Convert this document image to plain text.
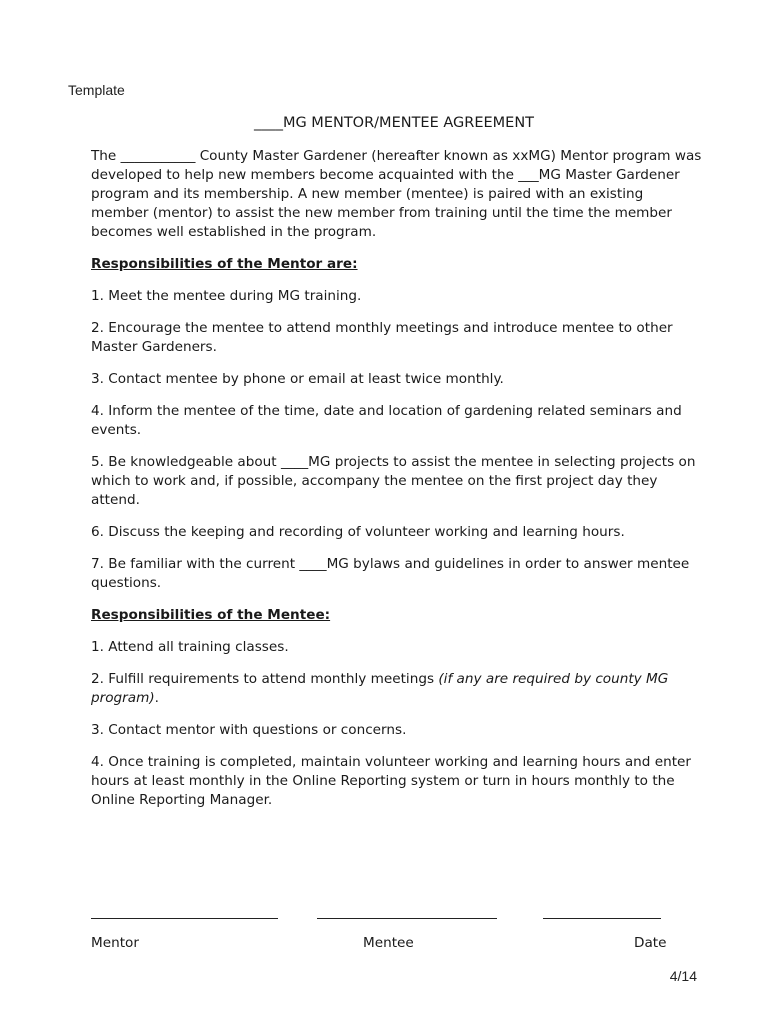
Template
____MG MENTOR/MENTEE AGREEMENT

The ___________ County Master Gardener (hereafter known as xxMG) Mentor program was developed to help new members become acquainted with the ___MG Master Gardener program and its membership. A new member (mentee) is paired with an existing member (mentor) to assist the new member from training until the time the member becomes well established in the program.

Responsibilities of the Mentor are:

1. Meet the mentee during MG training.

2. Encourage the mentee to attend monthly meetings and introduce mentee to other Master Gardeners.

3. Contact mentee by phone or email at least twice monthly.

4. Inform the mentee of the time, date and location of gardening related seminars and events.

5. Be knowledgeable about ____MG projects to assist the mentee in selecting projects on which to work and, if possible, accompany the mentee on the first project day they attend.

6. Discuss the keeping and recording of volunteer working and learning hours.

7. Be familiar with the current ____MG bylaws and guidelines in order to answer mentee questions.

Responsibilities of the Mentee:

1. Attend all training classes.

2. Fulfill requirements to attend monthly meetings (if any are required by county MG program).

3. Contact mentor with questions or concerns.

4. Once training is completed, maintain volunteer working and learning hours and enter hours at least monthly in the Online Reporting system or turn in hours monthly to the Online Reporting Manager.

Mentor	Mentee	Date
4/14
